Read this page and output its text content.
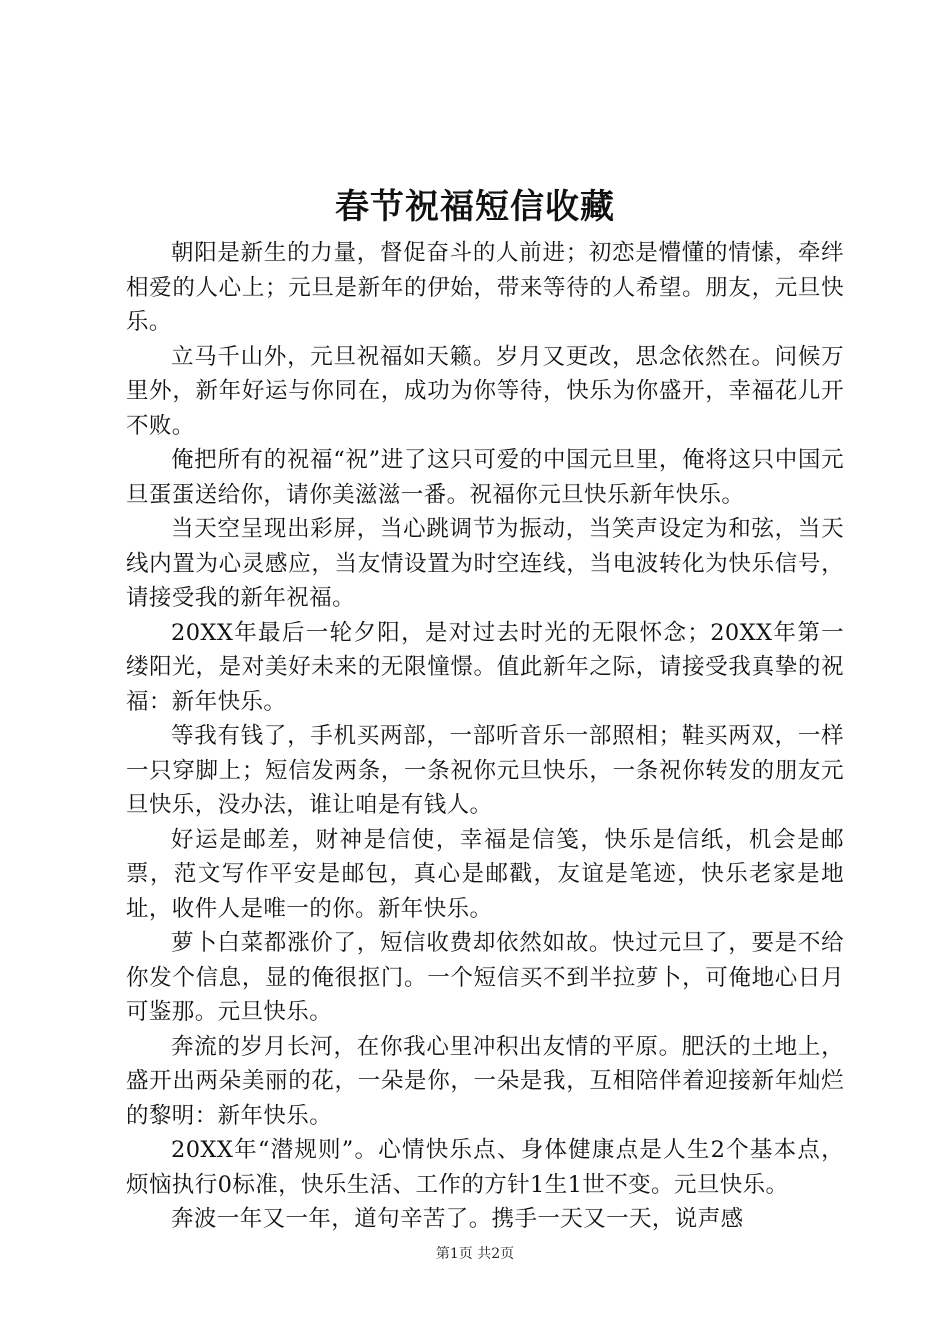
春节祝福短信收藏

朝阳是新生的力量，督促奋斗的人前进；初恋是懵懂的情愫，牵绊相爱的人心上；元旦是新年的伊始，带来等待的人希望。朋友，元旦快乐。

立马千山外，元旦祝福如天籁。岁月又更改，思念依然在。问候万里外，新年好运与你同在，成功为你等待，快乐为你盛开，幸福花儿开不败。

俺把所有的祝福“祝”进了这只可爱的中国元旦里，俺将这只中国元旦蛋蛋送给你，请你美滋滋一番。祝福你元旦快乐新年快乐。

当天空呈现出彩屏，当心跳调节为振动，当笑声设定为和弦，当天线内置为心灵感应，当友情设置为时空连线，当电波转化为快乐信号，请接受我的新年祝福。

20XX年最后一轮夕阳，是对过去时光的无限怀念；20XX年第一缕阳光，是对美好未来的无限憧憬。值此新年之际，请接受我真挚的祝福：新年快乐。

等我有钱了，手机买两部，一部听音乐一部照相；鞋买两双，一样一只穿脚上；短信发两条，一条祝你元旦快乐，一条祝你转发的朋友元旦快乐，没办法，谁让咱是有钱人。

好运是邮差，财神是信使，幸福是信笺，快乐是信纸，机会是邮票，范文写作平安是邮包，真心是邮戳，友谊是笔迹，快乐老家是地址，收件人是唯一的你。新年快乐。

萝卜白菜都涨价了，短信收费却依然如故。快过元旦了，要是不给你发个信息，显的俺很抠门。一个短信买不到半拉萝卜，可俺地心日月可鉴那。元旦快乐。

奔流的岁月长河，在你我心里冲积出友情的平原。肥沃的土地上，盛开出两朵美丽的花，一朵是你，一朵是我，互相陪伴着迎接新年灿烂的黎明：新年快乐。

20XX年“潜规则”。心情快乐点、身体健康点是人生2个基本点，烦恼执行0标准，快乐生活、工作的方针1生1世不变。元旦快乐。

奔波一年又一年，道句辛苦了。携手一天又一天，说声感

第1页 共2页
